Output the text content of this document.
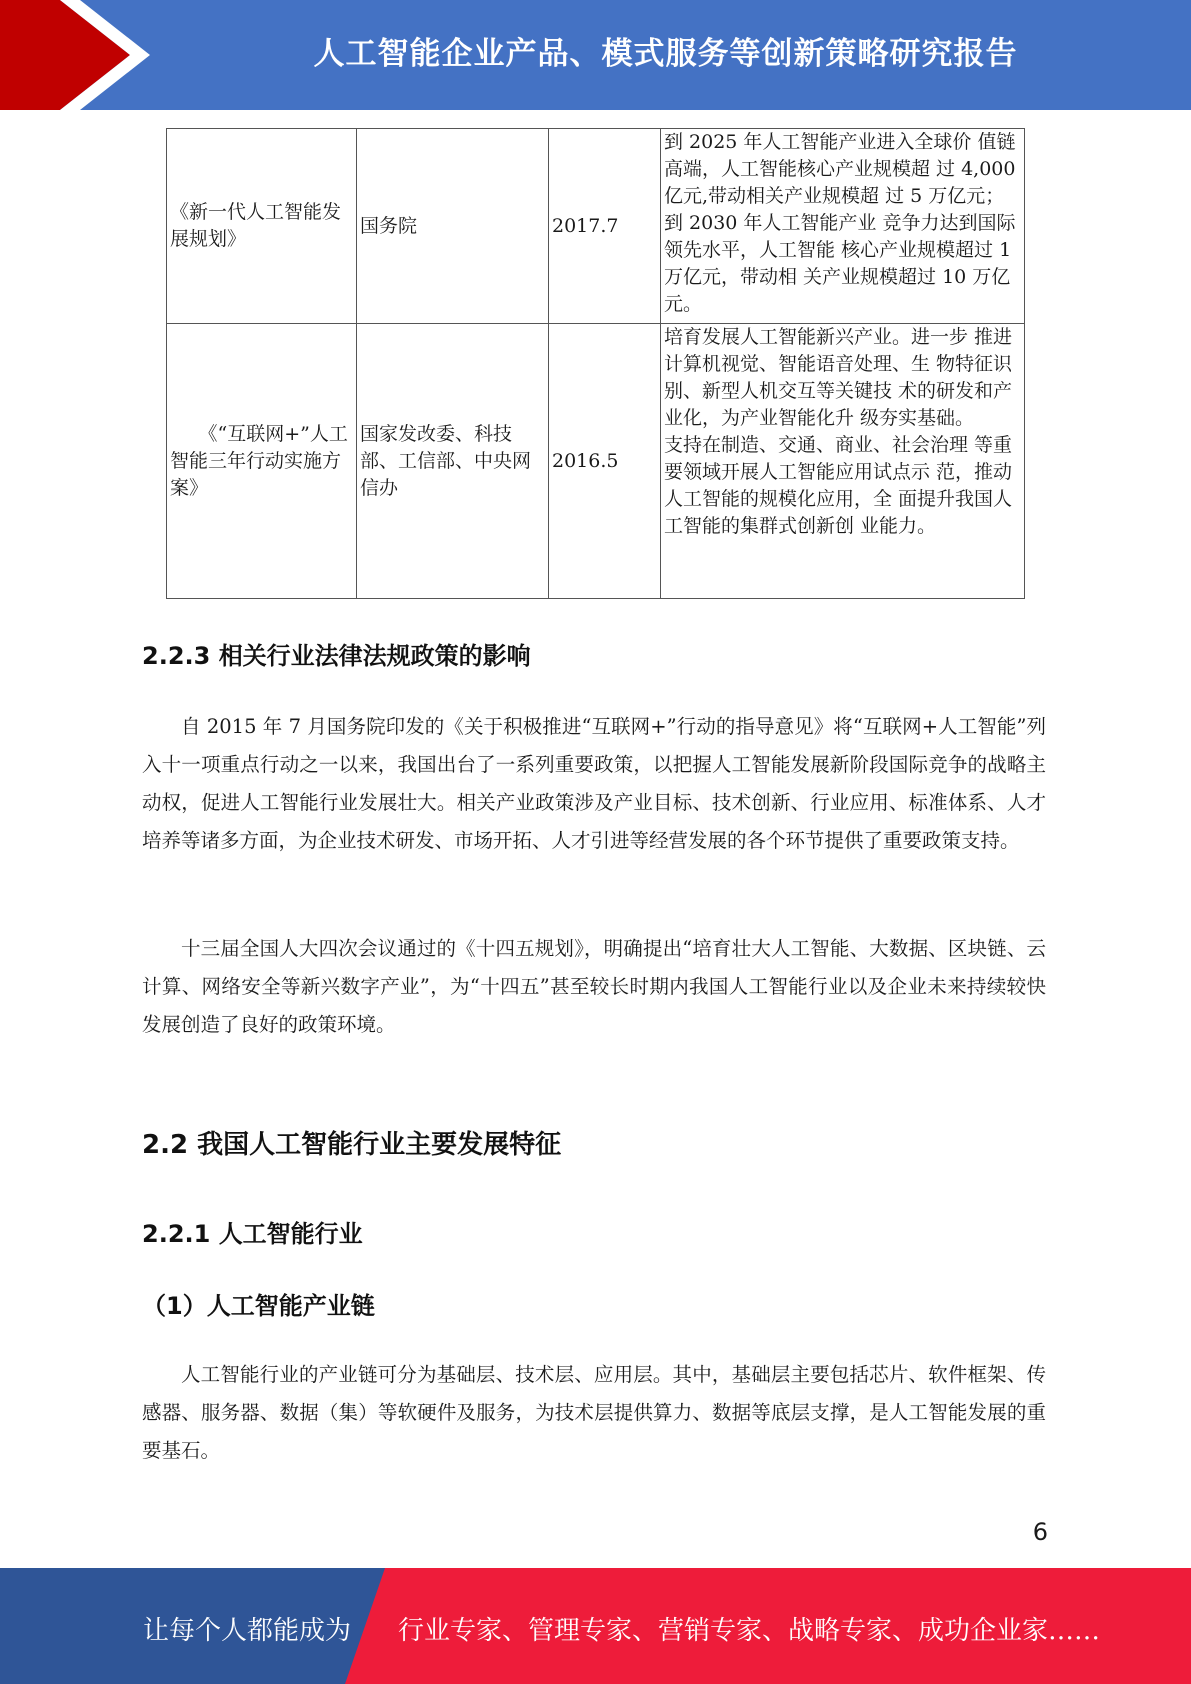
人工智能企业产品、模式服务等创新策略研究报告
《新一代人工智能发展规划》	国务院	2017.7	到 2025 年人工智能产业进入全球价 值链高端，人工智能核心产业规模超 过 4,000 亿元,带动相关产业规模超 过 5 万亿元；到 2030 年人工智能产业 竞争力达到国际领先水平，人工智能 核心产业规模超过 1 万亿元，带动相 关产业规模超过 10 万亿元。
《“互联网+”人工 智能三年行动实施方案》	国家发改委、科技部、工信部、中央网信办	2016.5	培育发展人工智能新兴产业。进一步 推进计算机视觉、智能语音处理、生 物特征识别、新型人机交互等关键技 术的研发和产业化，为产业智能化升 级夯实基础。
支持在制造、交通、商业、社会治理 等重要领域开展人工智能应用试点示 范，推动人工智能的规模化应用，全 面提升我国人工智能的集群式创新创 业能力。
2.2.3 相关行业法律法规政策的影响

自 2015 年 7 月国务院印发的《关于积极推进“互联网+”行动的指导意见》将“互联网+人工智能”列入十一项重点行动之一以来，我国出台了一系列重要政策，以把握人工智能发展新阶段国际竞争的战略主动权，促进人工智能行业发展壮大。相关产业政策涉及产业目标、技术创新、行业应用、标准体系、人才培养等诸多方面，为企业技术研发、市场开拓、人才引进等经营发展的各个环节提供了重要政策支持。

十三届全国人大四次会议通过的《十四五规划》，明确提出“培育壮大人工智能、大数据、区块链、云计算、网络安全等新兴数字产业”，为“十四五”甚至较长时期内我国人工智能行业以及企业未来持续较快发展创造了良好的政策环境。

2.2 我国人工智能行业主要发展特征
2.2.1 人工智能行业
（1）人工智能产业链

人工智能行业的产业链可分为基础层、技术层、应用层。其中，基础层主要包括芯片、软件框架、传感器、服务器、数据（集）等软硬件及服务，为技术层提供算力、数据等底层支撑，是人工智能发展的重要基石。

6
让每个人都能成为 行业专家、管理专家、营销专家、战略专家、成功企业家……
